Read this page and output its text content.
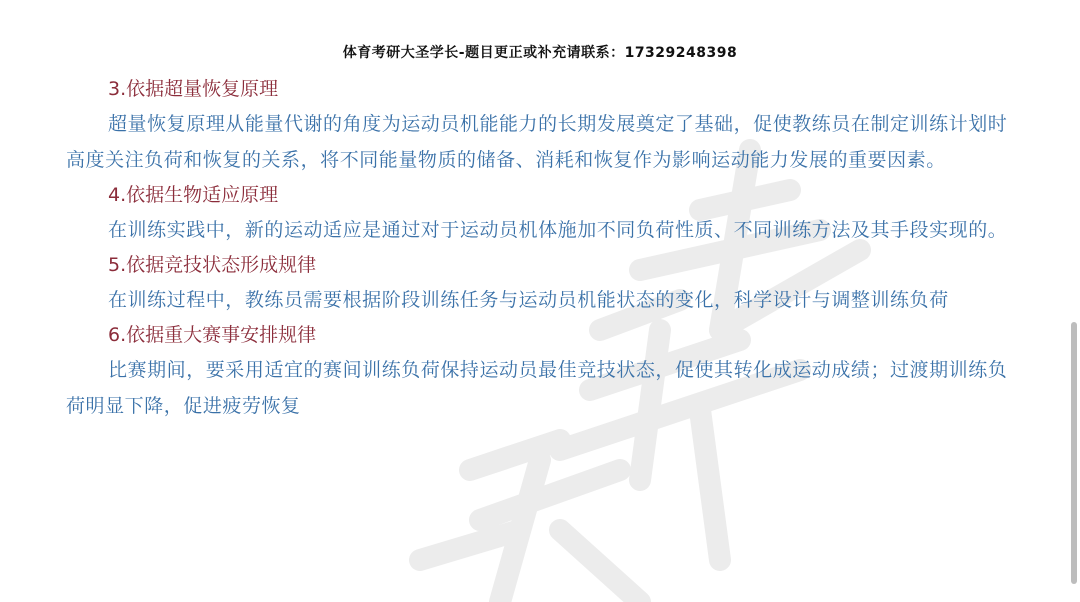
体育考研大圣学长-题目更正或补充请联系：17329248398
3.依据超量恢复原理
超量恢复原理从能量代谢的角度为运动员机能能力的长期发展奠定了基础，促使教练员在制定训练计划时高度关注负荷和恢复的关系，将不同能量物质的储备、消耗和恢复作为影响运动能力发展的重要因素。
4.依据生物适应原理
在训练实践中，新的运动适应是通过对于运动员机体施加不同负荷性质、不同训练方法及其手段实现的。
5.依据竞技状态形成规律
在训练过程中，教练员需要根据阶段训练任务与运动员机能状态的变化，科学设计与调整训练负荷
6.依据重大赛事安排规律
比赛期间，要采用适宜的赛间训练负荷保持运动员最佳竞技状态，促使其转化成运动成绩；过渡期训练负荷明显下降，促进疲劳恢复
